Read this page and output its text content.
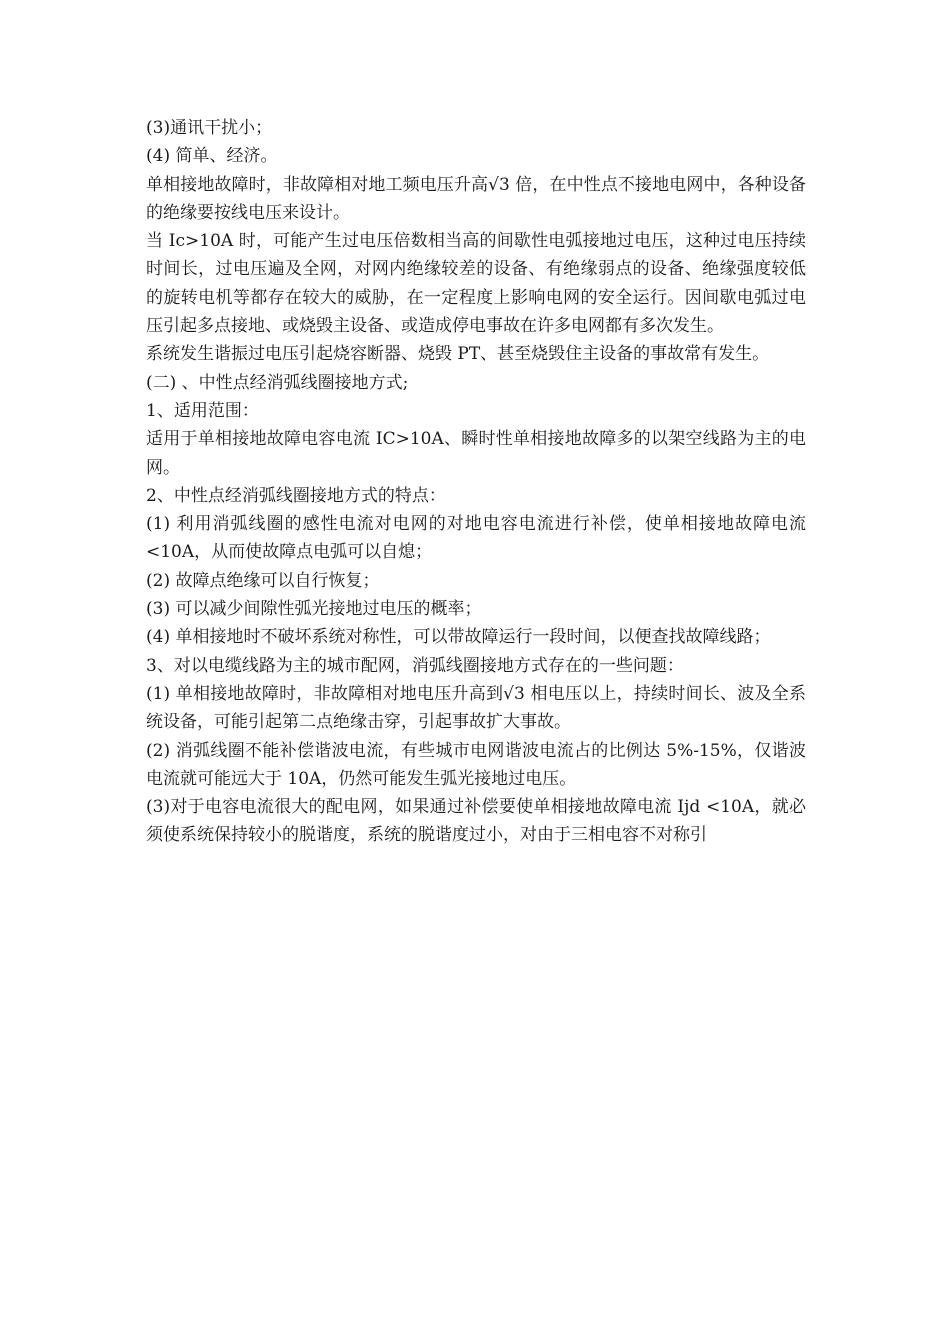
(3)通讯干扰小；

(4) 简单、经济。

单相接地故障时，非故障相对地工频电压升高√3 倍，在中性点不接地电网中，各种设备的绝缘要按线电压来设计。

当 Ic>10A 时，可能产生过电压倍数相当高的间歇性电弧接地过电压，这种过电压持续时间长，过电压遍及全网，对网内绝缘较差的设备、有绝缘弱点的设备、绝缘强度较低的旋转电机等都存在较大的威胁，在一定程度上影响电网的安全运行。因间歇电弧过电压引起多点接地、或烧毁主设备、或造成停电事故在许多电网都有多次发生。

系统发生谐振过电压引起烧容断器、烧毁 PT、甚至烧毁住主设备的事故常有发生。

(二) 、中性点经消弧线圈接地方式;

1、适用范围：

适用于单相接地故障电容电流 IC>10A、瞬时性单相接地故障多的以架空线路为主的电网。

2、中性点经消弧线圈接地方式的特点：

(1) 利用消弧线圈的感性电流对电网的对地电容电流进行补偿，使单相接地故障电流<10A，从而使故障点电弧可以自熄；

(2) 故障点绝缘可以自行恢复；

(3) 可以减少间隙性弧光接地过电压的概率；

(4) 单相接地时不破坏系统对称性，可以带故障运行一段时间，以便查找故障线路；

3、对以电缆线路为主的城市配网，消弧线圈接地方式存在的一些问题：

(1) 单相接地故障时，非故障相对地电压升高到√3 相电压以上，持续时间长、波及全系统设备，可能引起第二点绝缘击穿，引起事故扩大事故。

(2) 消弧线圈不能补偿谐波电流，有些城市电网谐波电流占的比例达 5%-15%，仅谐波电流就可能远大于 10A，仍然可能发生弧光接地过电压。

(3)对于电容电流很大的配电网，如果通过补偿要使单相接地故障电流 Ijd <10A，就必须使系统保持较小的脱谐度，系统的脱谐度过小，对由于三相电容不对称引
